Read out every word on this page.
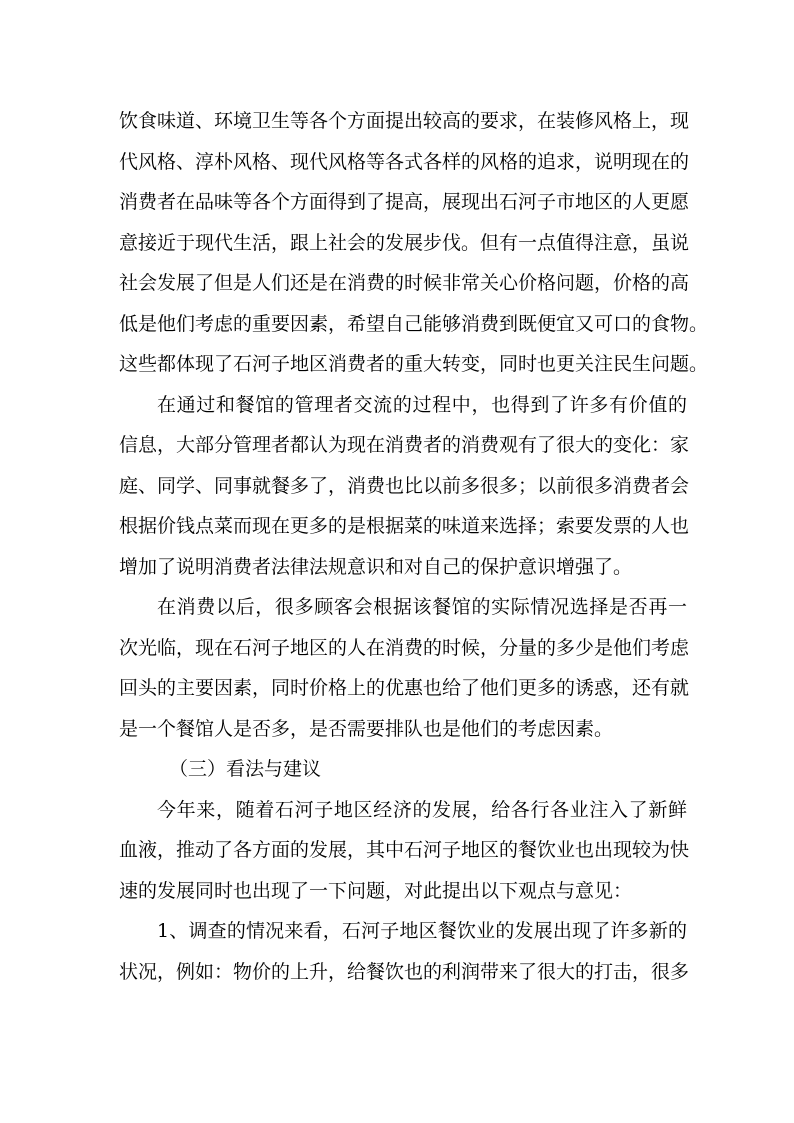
饮食味道、环境卫生等各个方面提出较高的要求，在装修风格上，现
代风格、淳朴风格、现代风格等各式各样的风格的追求，说明现在的
消费者在品味等各个方面得到了提高，展现出石河子市地区的人更愿
意接近于现代生活，跟上社会的发展步伐。但有一点值得注意，虽说
社会发展了但是人们还是在消费的时候非常关心价格问题，价格的高
低是他们考虑的重要因素，希望自己能够消费到既便宜又可口的食物。
这些都体现了石河子地区消费者的重大转变，同时也更关注民生问题。
在通过和餐馆的管理者交流的过程中，也得到了许多有价值的
信息，大部分管理者都认为现在消费者的消费观有了很大的变化：家
庭、同学、同事就餐多了，消费也比以前多很多；以前很多消费者会
根据价钱点菜而现在更多的是根据菜的味道来选择；索要发票的人也
增加了说明消费者法律法规意识和对自己的保护意识增强了。
在消费以后，很多顾客会根据该餐馆的实际情况选择是否再一
次光临，现在石河子地区的人在消费的时候，分量的多少是他们考虑
回头的主要因素，同时价格上的优惠也给了他们更多的诱惑，还有就
是一个餐馆人是否多，是否需要排队也是他们的考虑因素。
（三）看法与建议
今年来，随着石河子地区经济的发展，给各行各业注入了新鲜
血液，推动了各方面的发展，其中石河子地区的餐饮业也出现较为快
速的发展同时也出现了一下问题，对此提出以下观点与意见：
1、调查的情况来看，石河子地区餐饮业的发展出现了许多新的
状况，例如：物价的上升，给餐饮也的利润带来了很大的打击，很多
